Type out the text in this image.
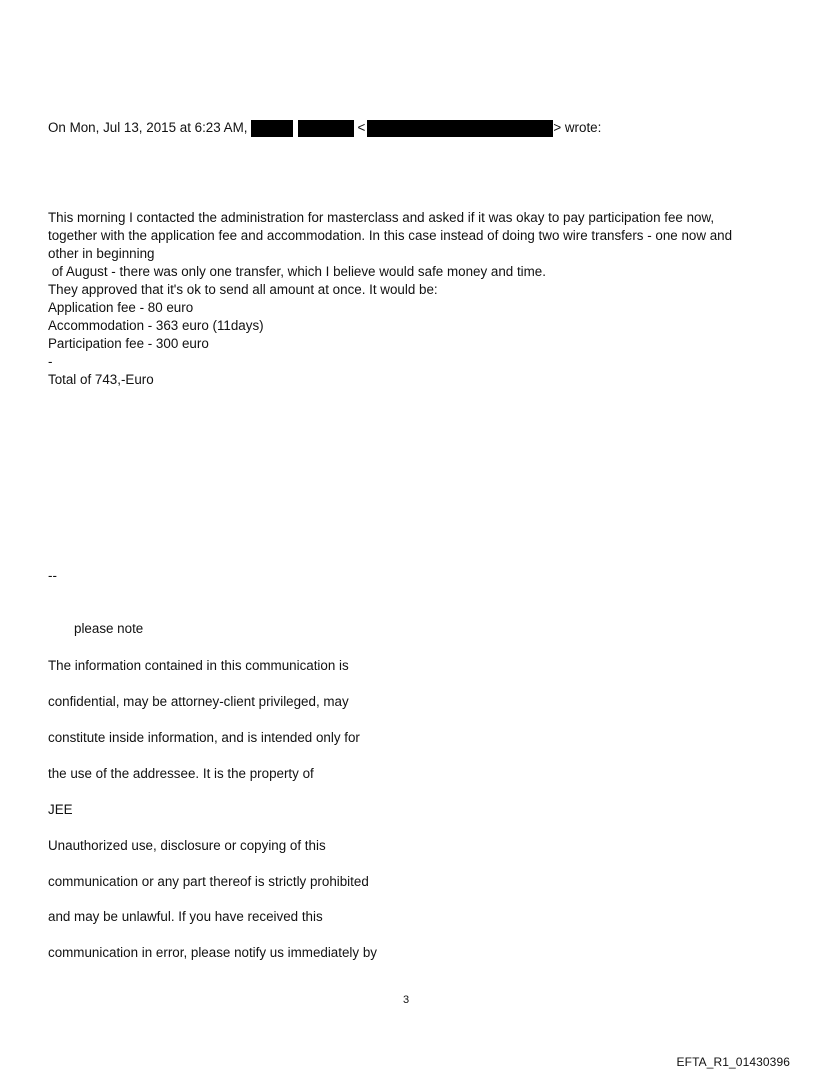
On Mon, Jul 13, 2015 at 6:23 AM,	<	> wrote:
This morning I contacted the administration for masterclass and asked if it was okay to pay participation fee now,
together with the application fee and accommodation. In this case instead of doing two wire transfers - one now and
other in beginning
of August - there was only one transfer, which I believe would safe money and time.
They approved that it's ok to send all amount at once. It would be:
Application fee - 80 euro
Accommodation - 363 euro (11days)
Participation fee - 300 euro
-
Total of 743,-Euro
--
please note
The information contained in this communication is
confidential, may be attorney-client privileged, may
constitute inside information, and is intended only for
the use of the addressee. It is the property of
JEE
Unauthorized use, disclosure or copying of this
communication or any part thereof is strictly prohibited
and may be unlawful. If you have received this
communication in error, please notify us immediately by
3
EFTA_R1_01430396
